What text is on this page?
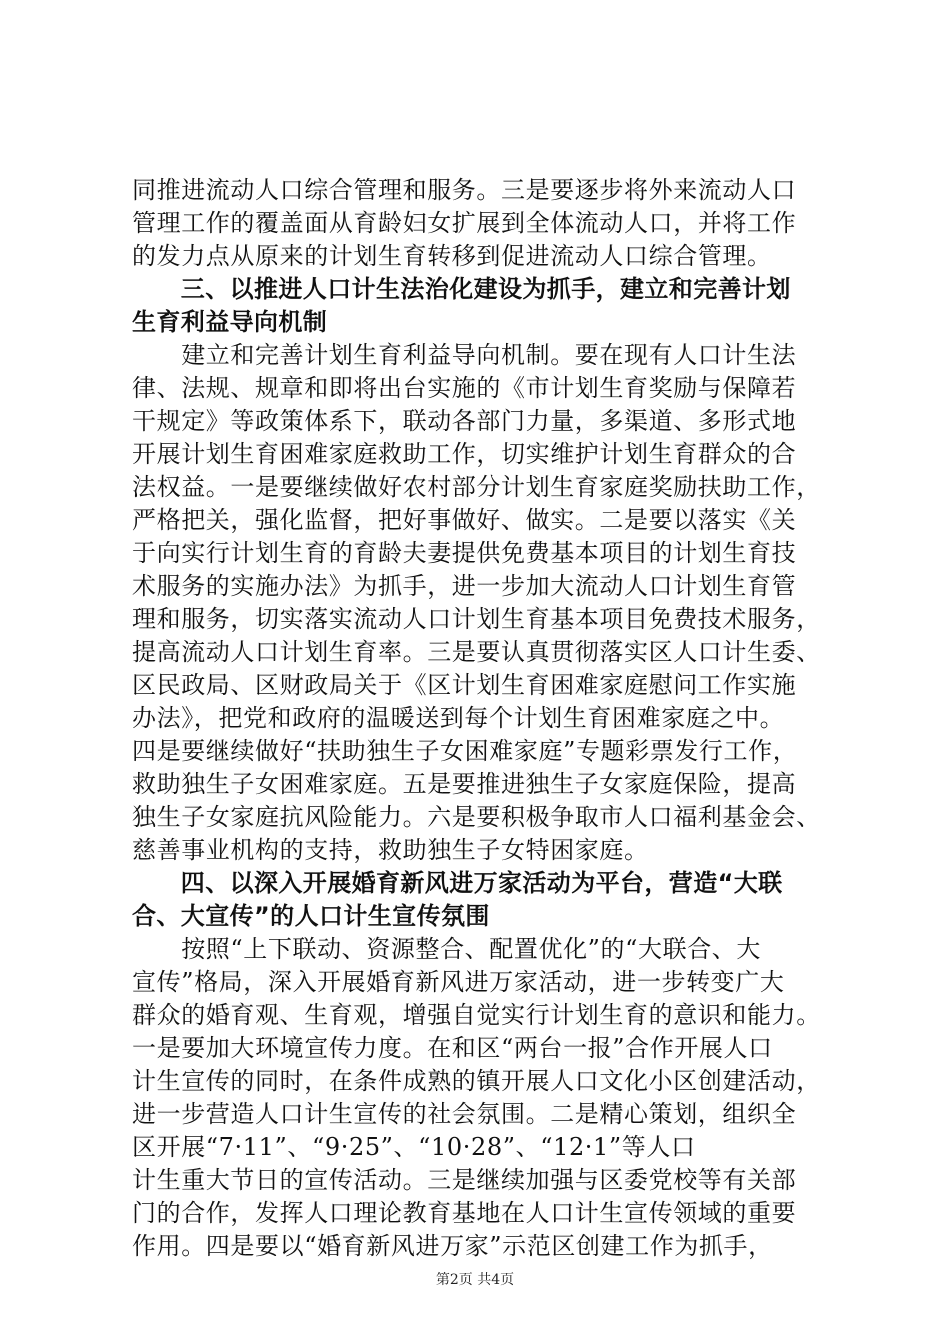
同推进流动人口综合管理和服务。三是要逐步将外来流动人口
管理工作的覆盖面从育龄妇女扩展到全体流动人口，并将工作
的发力点从原来的计划生育转移到促进流动人口综合管理。
　　三、以推进人口计生法治化建设为抓手，建立和完善计划
生育利益导向机制
　　建立和完善计划生育利益导向机制。要在现有人口计生法
律、法规、规章和即将出台实施的《市计划生育奖励与保障若
干规定》等政策体系下，联动各部门力量，多渠道、多形式地
开展计划生育困难家庭救助工作，切实维护计划生育群众的合
法权益。一是要继续做好农村部分计划生育家庭奖励扶助工作，
严格把关，强化监督，把好事做好、做实。二是要以落实《关
于向实行计划生育的育龄夫妻提供免费基本项目的计划生育技
术服务的实施办法》为抓手，进一步加大流动人口计划生育管
理和服务，切实落实流动人口计划生育基本项目免费技术服务，
提高流动人口计划生育率。三是要认真贯彻落实区人口计生委、
区民政局、区财政局关于《区计划生育困难家庭慰问工作实施
办法》，把党和政府的温暖送到每个计划生育困难家庭之中。
四是要继续做好“扶助独生子女困难家庭”专题彩票发行工作，
救助独生子女困难家庭。五是要推进独生子女家庭保险，提高
独生子女家庭抗风险能力。六是要积极争取市人口福利基金会、
慈善事业机构的支持，救助独生子女特困家庭。
　　四、以深入开展婚育新风进万家活动为平台，营造“大联
合、大宣传”的人口计生宣传氛围
　　按照“上下联动、资源整合、配置优化”的“大联合、大
宣传”格局，深入开展婚育新风进万家活动，进一步转变广大
群众的婚育观、生育观，增强自觉实行计划生育的意识和能力。
一是要加大环境宣传力度。在和区“两台一报”合作开展人口
计生宣传的同时，在条件成熟的镇开展人口文化小区创建活动，
进一步营造人口计生宣传的社会氛围。二是精心策划，组织全
区开展“7·11”、“9·25”、“10·28”、“12·1”等人口
计生重大节日的宣传活动。三是继续加强与区委党校等有关部
门的合作，发挥人口理论教育基地在人口计生宣传领域的重要
作用。四是要以“婚育新风进万家”示范区创建工作为抓手，
第2页 共4页
